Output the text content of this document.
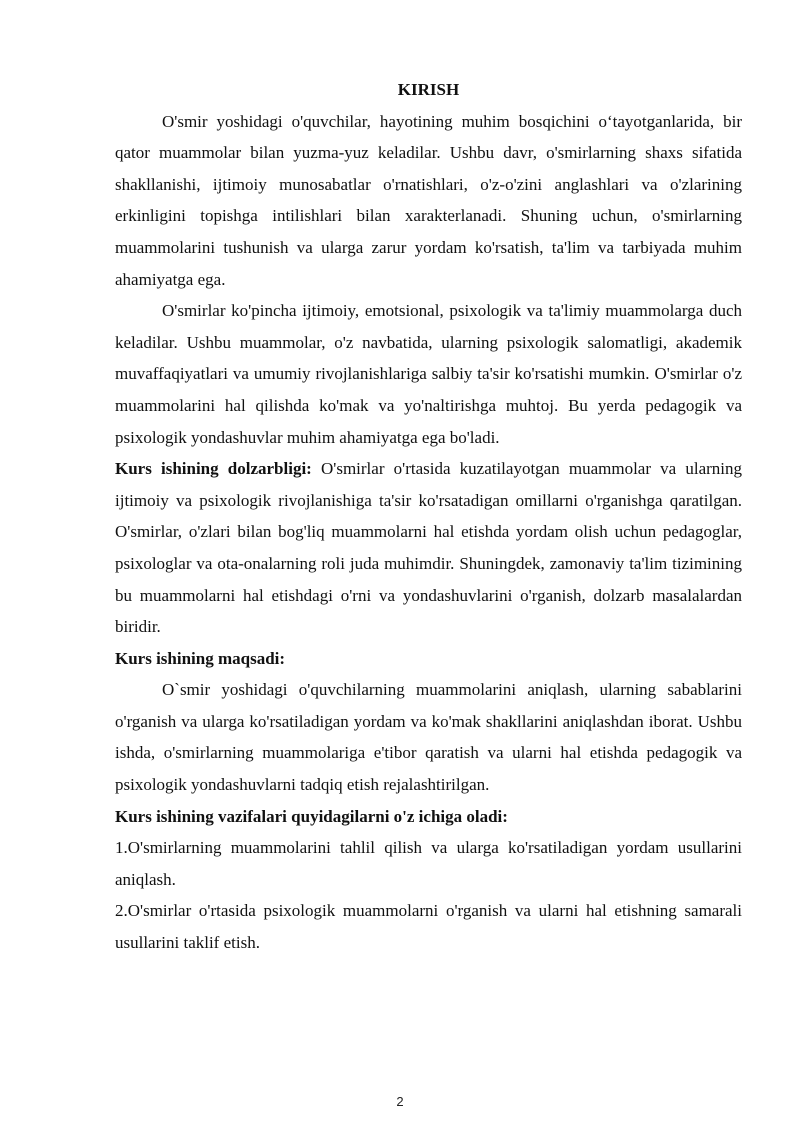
KIRISH

O'smir yoshidagi o'quvchilar, hayotining muhim bosqichini o‘tayotganlarida, bir qator muammolar bilan yuzma-yuz keladilar. Ushbu davr, o'smirlarning shaxs sifatida shakllanishi, ijtimoiy munosabatlar o'rnatishlari, o'z-o'zini anglashlari va o'zlarining erkinligini topishga intilishlari bilan xarakterlanadi. Shuning uchun, o'smirlarning muammolarini tushunish va ularga zarur yordam ko'rsatish, ta'lim va tarbiyada muhim ahamiyatga ega.

O'smirlar ko'pincha ijtimoiy, emotsional, psixologik va ta'limiy muammolarga duch keladilar. Ushbu muammolar, o'z navbatida, ularning psixologik salomatligi, akademik muvaffaqiyatlari va umumiy rivojlanishlariga salbiy ta'sir ko'rsatishi mumkin. O'smirlar o'z muammolarini hal qilishda ko'mak va yo'naltirishga muhtoj. Bu yerda pedagogik va psixologik yondashuvlar muhim ahamiyatga ega bo'ladi.

Kurs ishining dolzarbligi: O'smirlar o'rtasida kuzatilayotgan muammolar va ularning ijtimoiy va psixologik rivojlanishiga ta'sir ko'rsatadigan omillarni o'rganishga qaratilgan. O'smirlar, o'zlari bilan bog'liq muammolarni hal etishda yordam olish uchun pedagoglar, psixologlar va ota-onalarning roli juda muhimdir. Shuningdek, zamonaviy ta'lim tizimining bu muammolarni hal etishdagi o'rni va yondashuvlarini o'rganish, dolzarb masalalardan biridir.

Kurs ishining maqsadi:

O`smir yoshidagi o'quvchilarning muammolarini aniqlash, ularning sabablarini o'rganish va ularga ko'rsatiladigan yordam va ko'mak shakllarini aniqlashdan iborat. Ushbu ishda, o'smirlarning muammolariga e'tibor qaratish va ularni hal etishda pedagogik va psixologik yondashuvlarni tadqiq etish rejalashtirilgan.

Kurs ishining vazifalari quyidagilarni o'z ichiga oladi:

1.O'smirlarning muammolarini tahlil qilish va ularga ko'rsatiladigan yordam usullarini aniqlash.

2.O'smirlar o'rtasida psixologik muammolarni o'rganish va ularni hal etishning samarali usullarini taklif etish.

2
